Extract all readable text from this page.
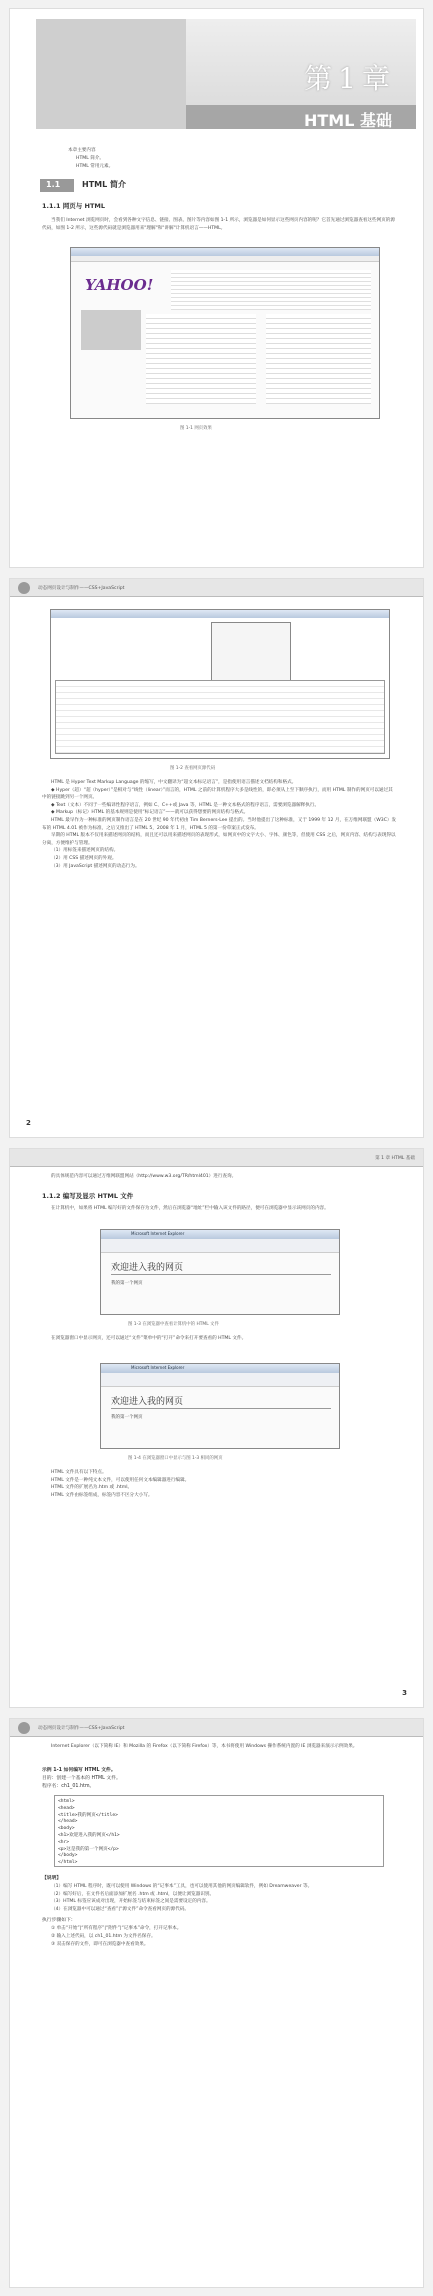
第1章
HTML 基础
本章主要内容
HTML 简介。
HTML 常用元素。
1.1	HTML 简介
1.1.1 网页与 HTML
当我们 Internet 浏览网页时，会看到各种文字信息、链接、图表、图片等内容如图 1-1 所示，浏览器是如何显示这些网页内容的呢？它首先通过浏览器查看这些网页的源代码，如图 1-2 所示，这些源代码就是浏览器用来"理解"和"讲解"计算机语言——HTML。
YAHOO!
图 1-1 网页效果
动态网页设计与制作——CSS+JavaScript
图 1-2 查看网页源代码
HTML 是 Hyper Text Markup Language 的缩写，中文翻译为“超文本标记语言”，是指使用语言描述文档结构和格式。
◆ Hyper（超）“超（hyper）”是相对与“线性（linear）”而言的，HTML 之前的计算机程序大多是线性的，即必须从上至下顺序执行，而用 HTML 制作的网页可以通过其中的链接跳到另一个网页。
◆ Text（文本）不同于一些编译性程序语言，例如 C、C++或 Java 等，HTML 是一种文本格式的程序语言，需要浏览器解释执行。
◆ Markup（标记）HTML 的基本规则是使用“标记语言”——就可以获得想要的网页结构与格式。
HTML 最早作为一种标准的网页制作语言是在 20 世纪 90 年代初由 Tim Berners-Lee 提出的。当时他提出了这种标准，又于 1999 年 12 月，在万维网联盟（W3C）发布的 HTML 4.01 被作为标准，之后又推出了 HTML 5，2008 年 1 月，HTML 5 的第一份草案正式发布。
早期的 HTML 版本不仅用来描述网页的结构，而且还可以用来描述网页的表现形式，如网页中的文字大小、字体、颜色等，但使用 CSS 之后，网页内容、结构与表现得以分离，方便维护与管理。
（1）用标签来描述网页的结构。
（2）用 CSS 描述网页的外观。
（3）用 JavaScript 描述网页的动态行为。
2
第 1 章 HTML 基础
的具体规范内容可以通过万维网联盟网站（http://www.w3.org/TR/html401）进行查询。
1.1.2 编写及显示 HTML 文件
在计算机中，如果将 HTML 编写好的文件保存为文件，然后在浏览器“地址”栏中输入该文件的路径，便可在浏览器中显示该网页的内容。
Microsoft Internet Explorer
欢迎进入我的网页
我的第一个网页
图 1-3 在浏览器中查看计算机中的 HTML 文件
在浏览器窗口中显示网页，还可以通过“文件”菜单中的“打开”命令来打开要查看的 HTML 文件。
Microsoft Internet Explorer
欢迎进入我的网页
我的第一个网页
图 1-4 在浏览器窗口中显示与图 1-3 相同的网页
HTML 文件具有以下特点。
HTML 文件是一种纯文本文件，可以使用任何文本编辑器进行编辑。
HTML 文件的扩展名为.htm 或 .html。
HTML 文件由标签组成，标签内容不区分大小写。
3
动态网页设计与制作——CSS+JavaScript
Internet Explorer（以下简称 IE）和 Mozilla 的 Firefox（以下简称 Firefox）等，本书将使用 Windows 操作系统内置的 IE 浏览器来演示示例效果。
示例 1-1 如何编写 HTML 文件。
目的：创建一个基本的 HTML 文件。
程序名：ch1_01.htm。
<html>
<head>
<title>我的网页</title>
</head>
<body>
<h1>欢迎进入我的网页</h1>
<hr>
<p>这是我的第一个网页</p>
</body>
</html>
【说明】
（1）编写 HTML 程序时，既可以使用 Windows 的“记事本”工具，也可以使用其他的网页编辑软件，例如 Dreamweaver 等。
（2）编写好后，在文件名后面添加扩展名 .htm 或 .html，以便让浏览器识别。
（3）HTML 标签应该成对出现，开始标签与结束标签之间是需要设定的内容。
（4）在浏览器中可以通过“查看”|“源文件”命令查看网页的源代码。
执行步骤如下：
① 单击“开始”|“所有程序”|“附件”|“记事本”命令，打开记事本。
② 输入上述代码，以 ch1_01.htm 为文件名保存。
③ 双击保存的文件，即可在浏览器中查看效果。
